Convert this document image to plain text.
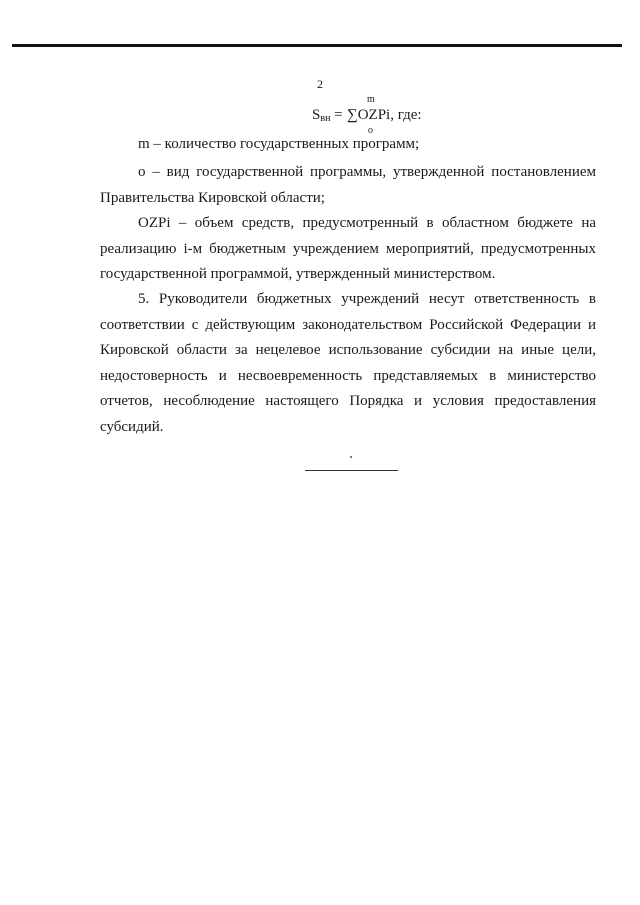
2
m
$S_{вн}$ = ∑OZPi, где:
o
m – количество государственных программ;
о – вид государственной программы, утвержденной постановлением
Правительства Кировской области;
OZPi – объем средств, предусмотренный в областном бюджете на
реализацию i-м бюджетным учреждением мероприятий, предусмотренных
государственной программой, утвержденный министерством.
5. Руководители бюджетных учреждений несут ответственность в
соответствии с действующим законодательством Российской Федерации и
Кировской области за нецелевое использование субсидии на иные цели,
недостоверность и несвоевременность представляемых в министерство
отчетов, несоблюдение настоящего Порядка и условия предоставления
субсидий.
